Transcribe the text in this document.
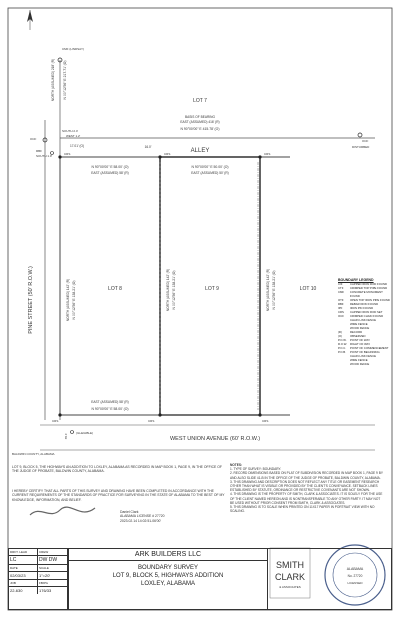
LOT 7
BASIS OF BEARING
EAST (ASSUMED) 416' (R)
N 90°00'00" E 415.78' (O)
ALLEY
16.0'
N 90°00'00" E 58.00' (O)
EAST (ASSUMED) 58' (R)
N 90°00'00" E 50.00' (O)
EAST (ASSUMED) 50' (R)
LOT 8	LOT 9	LOT 10
EAST (ASSUMED) 58' (R)
N 90°00'00" E 58.00' (O)
WEST UNION AVENUE (60' R.O.W.)
PINE STREET (50' R.O.W.)	NORTH (ASSUMED) 142' (R) N 00°12'56" E 138.21' (O)	NORTH (ASSUMED) 142' (R) N 00°12'56" E 138.21' (O)	NORTH (ASSUMED) 142' (R) N 00°12'56" E 138.21' (O)
NORTH (ASSUMED) 218' (R) N 00°12'56" E 217.71' (O)
CMF (LINDSAY)
SOUTH 2.4'
WEST 1.2'
17.01' (O)
RBF
SOUTH 1.0'
OCF	OCF
DISTURBED
CRS	CRS	CRS
CRS	CRS	CRS
BALDWIN COUNTY, ALABAMA
65.1'	(ILLEGIBLE)
SMITH
CLARK
& ASSOCIATES
ALABAMA
No. 27720
LICENSED
BOUNDARY LEGEND
CIF	CAPPED IRON ROD FOUND
CTF	CRIMPED TOP PIPE FOUND
CMF	CONCRETE MONUMENT FOUND
OTF	OPEN TOP IRON PIPE FOUND
RBF	REBAR IRON FOUND
IPF	IRON PIN FOUND
CRS	CAPPED IRON ROD SET
OCF	CRIMPED CHAIN FOUND
CHAIN LINK FENCE
WIRE FENCE
WOOD FENCE
(R)	RECORD
(O)	OBSERVED
P.O.W.	POINT OF WAY
R.O.W.	RIGHT OF WAY
P.O.C.	POINT OF COMMENCEMENT
P.O.B.	POINT OF BEGINNING
CHAIN LINK FENCE
WIRE FENCE
WOOD FENCE
LOT 9, BLOCK 5, THE HIGHWAYS AN ADDITION TO LOXLEY, ALABAMA AS RECORDED IN MAP BOOK 1, PAGE 9, IN THE OFFICE OF THE JUDGE OF PROBATE, BALDWIN COUNTY, ALABAMA.
I HEREBY CERTIFY THAT ALL PARTS OF THIS SURVEY AND DRAWING HAVE BEEN COMPLETED IN ACCORDANCE WITH THE CURRENT REQUIREMENTS OF THE STANDARDS OF PRACTICE FOR SURVEYING IN THE STATE OF ALABAMA TO THE BEST OF MY KNOWLEDGE, INFORMATION, AND BELIEF.
Daniel Clark
ALABAMA LICENSE # 27720
2023.02.14 14:02:51-06'00'
NOTES:
1. TYPE OF SURVEY: BOUNDARY.
2. RECORD DIMENSIONS BASED ON PLAT OF SUBDIVISION RECORDED IN MAP BOOK 1, PAGE 9 BY AND ALSO SLIDE 41-B IN THE OFFICE OF THE JUDGE OF PROBATE, BALDWIN COUNTY, ALABAMA.
3. THIS DRAWING AND DESCRIPTION DOES NOT REFLECT ANY TITLE OR EASEMENT RESEARCH OTHER THAN WHAT IS VISIBLE OR PROVIDED BY THE CLIENT'S CONVEYANCE. SETBACK LINES ESTABLISHED BY STATUTE, ORDINANCE OR RESTRICTIVE COVENANTS ARE NOT SHOWN.
4. THIS DRAWING IS THE PROPERTY OF SMITH, CLARK & ASSOCIATES. IT IS SOLELY FOR THE USE OF THE CLIENT NAMED HEREON AND IS NONTRANSFERABLE TO ANY OTHER PARTY. IT MAY NOT BE USED WITHOUT PRIOR CONSENT FROM SMITH, CLARK & ASSOCIATES.
5. THIS DRAWING IS TO SCALE WHEN PRINTED ON 11X17 PAPER IN PORTRAIT VIEW WITH NO SCALING.
DRFT. LEAD	CREW
LC	DW DW
DATE	SCALE
02/03/23	1"=20'
JOB	FB/PG
22-630	176/33
ARK BUILDERS LLC
BOUNDARY SURVEY
LOT 9, BLOCK 5, HIGHWAYS ADDITION
LOXLEY, ALABAMA
